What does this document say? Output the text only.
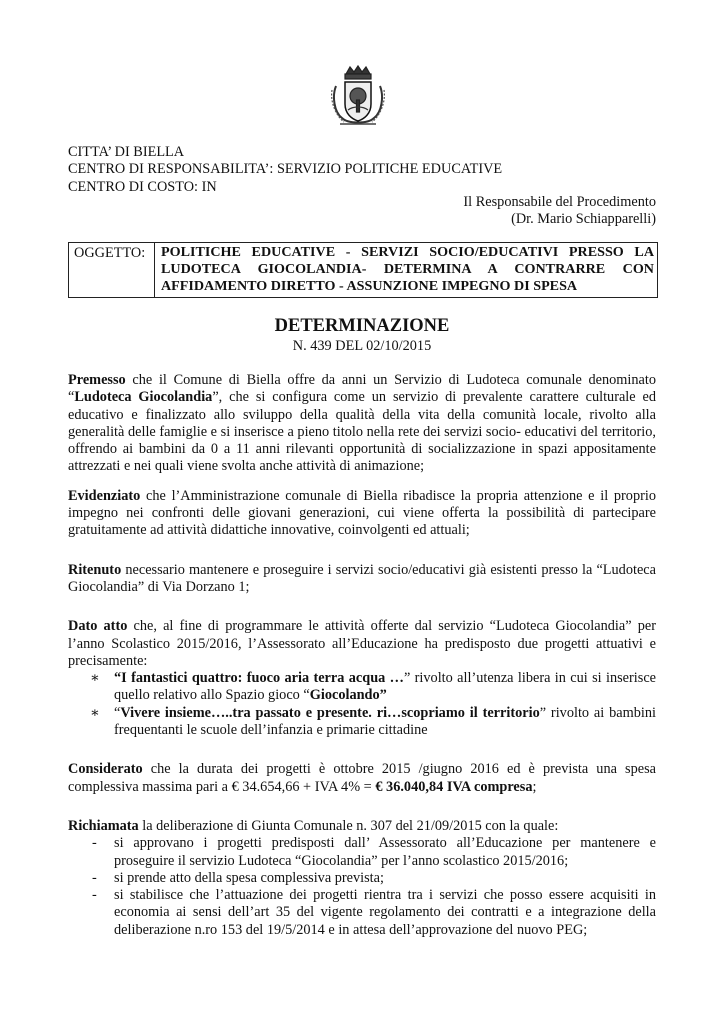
CITTA’ DI BIELLA
CENTRO DI RESPONSABILITA’: SERVIZIO POLITICHE EDUCATIVE
CENTRO DI COSTO: IN
Il Responsabile del Procedimento
(Dr. Mario Schiapparelli)
OGGETTO:	POLITICHE EDUCATIVE - SERVIZI SOCIO/EDUCATIVI PRESSO LA LUDOTECA GIOCOLANDIA- DETERMINA A CONTRARRE CON AFFIDAMENTO DIRETTO - ASSUNZIONE IMPEGNO DI SPESA
DETERMINAZIONE
N. 439 DEL 02/10/2015

Premesso che il Comune di Biella offre da anni un Servizio di Ludoteca comunale denominato “Ludoteca Giocolandia”, che si configura come un servizio di prevalente carattere culturale ed educativo e finalizzato allo sviluppo della qualità della vita della comunità locale, rivolto alla generalità delle famiglie e si inserisce a pieno titolo nella rete dei servizi socio- educativi del territorio, offrendo ai bambini da 0 a 11 anni rilevanti opportunità di socializzazione in spazi appositamente attrezzati e nei quali viene svolta anche attività di animazione;

Evidenziato che l’Amministrazione comunale di Biella ribadisce la propria attenzione e il proprio impegno nei confronti delle giovani generazioni, cui viene offerta la possibilità di partecipare gratuitamente ad attività didattiche innovative, coinvolgenti ed attuali;

Ritenuto necessario mantenere e proseguire i servizi socio/educativi già esistenti presso la “Ludoteca Giocolandia” di Via Dorzano 1;

Dato atto che, al fine di programmare le attività offerte dal servizio “Ludoteca Giocolandia” per l’anno Scolastico 2015/2016, l’Assessorato all’Educazione ha predisposto due progetti attuativi e precisamente:

∗ “I fantastici quattro: fuoco aria terra acqua …” rivolto all’utenza libera in cui si inserisce quello relativo allo Spazio gioco “Giocolando”
∗ “Vivere insieme…..tra passato e presente. ri…scopriamo il territorio” rivolto ai bambini frequentanti le scuole dell’infanzia e primarie cittadine

Considerato che la durata dei progetti è ottobre 2015 /giugno 2016 ed è prevista una spesa complessiva massima pari a € 34.654,66 + IVA 4% = € 36.040,84 IVA compresa;

Richiamata la deliberazione di Giunta Comunale n. 307 del 21/09/2015 con la quale:

- si approvano i progetti predisposti dall’ Assessorato all’Educazione per mantenere e proseguire il servizio Ludoteca “Giocolandia” per l’anno scolastico 2015/2016;
- si prende atto della spesa complessiva prevista;
- si stabilisce che l’attuazione dei progetti rientra tra i servizi che posso essere acquisiti in economia ai sensi dell’art 35 del vigente regolamento dei contratti e a integrazione della deliberazione n.ro 153 del 19/5/2014 e in attesa dell’approvazione del nuovo PEG;
